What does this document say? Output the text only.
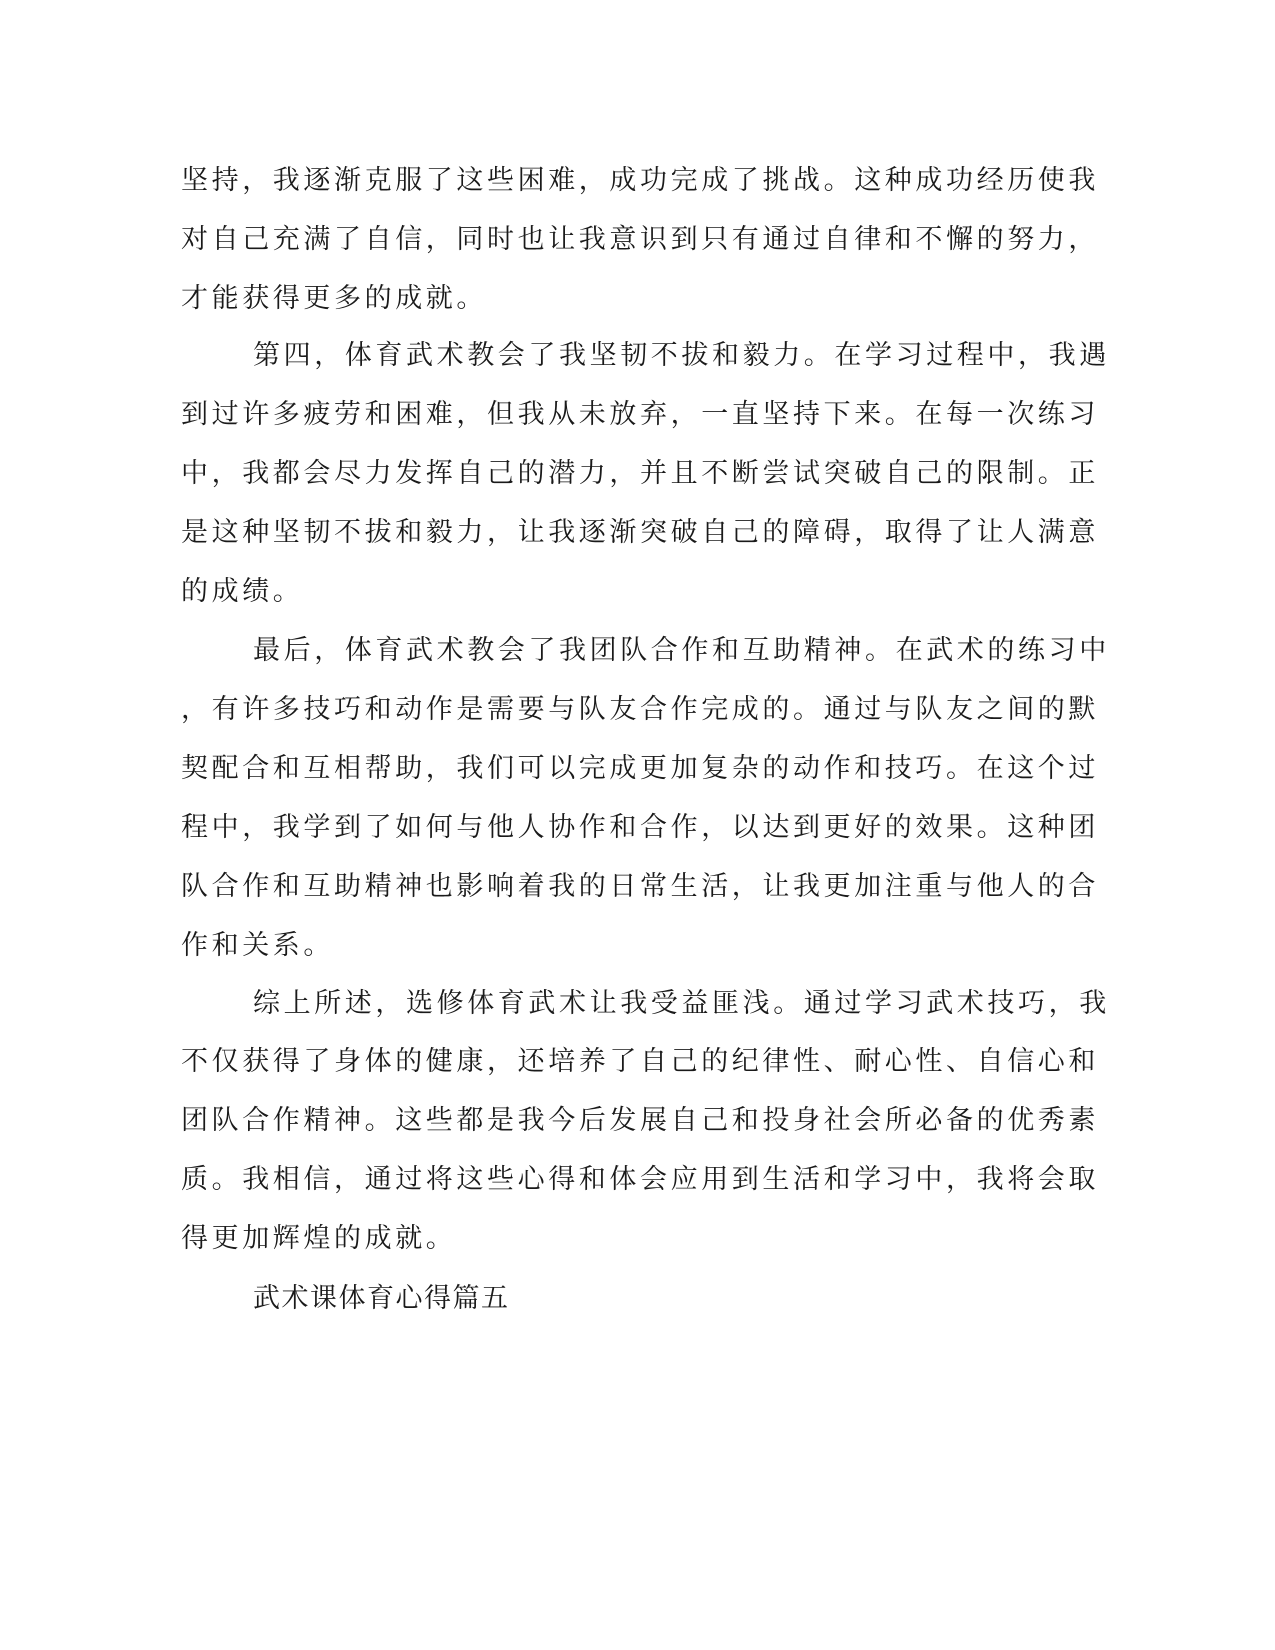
坚持，我逐渐克服了这些困难，成功完成了挑战。这种成功经历使我
对自己充满了自信，同时也让我意识到只有通过自律和不懈的努力，
才能获得更多的成就。
第四，体育武术教会了我坚韧不拔和毅力。在学习过程中，我遇
到过许多疲劳和困难，但我从未放弃，一直坚持下来。在每一次练习
中，我都会尽力发挥自己的潜力，并且不断尝试突破自己的限制。正
是这种坚韧不拔和毅力，让我逐渐突破自己的障碍，取得了让人满意
的成绩。
最后，体育武术教会了我团队合作和互助精神。在武术的练习中
，有许多技巧和动作是需要与队友合作完成的。通过与队友之间的默
契配合和互相帮助，我们可以完成更加复杂的动作和技巧。在这个过
程中，我学到了如何与他人协作和合作，以达到更好的效果。这种团
队合作和互助精神也影响着我的日常生活，让我更加注重与他人的合
作和关系。
综上所述，选修体育武术让我受益匪浅。通过学习武术技巧，我
不仅获得了身体的健康，还培养了自己的纪律性、耐心性、自信心和
团队合作精神。这些都是我今后发展自己和投身社会所必备的优秀素
质。我相信，通过将这些心得和体会应用到生活和学习中，我将会取
得更加辉煌的成就。
武术课体育心得篇五
